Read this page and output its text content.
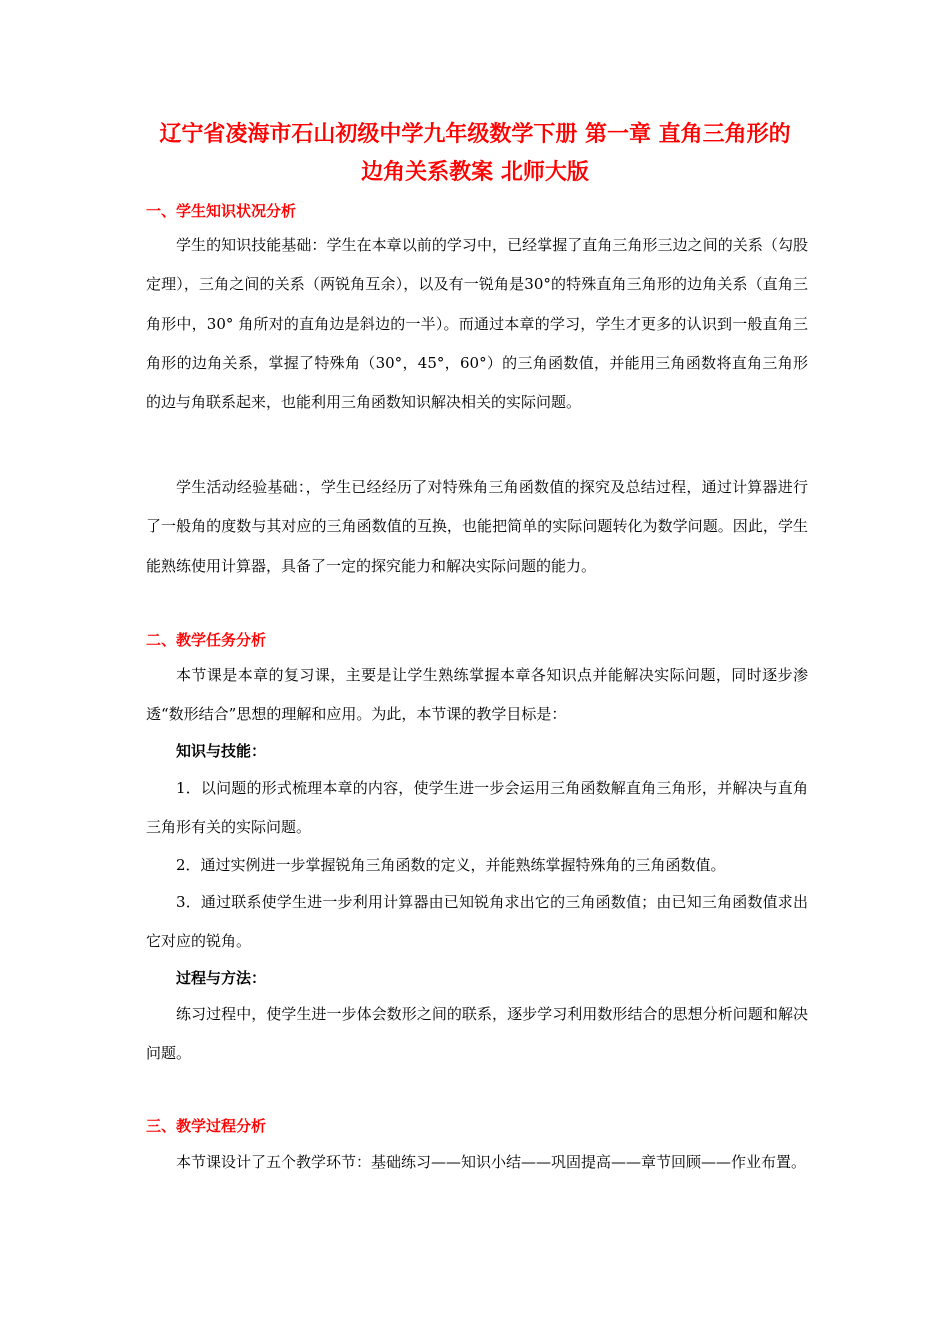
辽宁省凌海市石山初级中学九年级数学下册 第一章 直角三角形的
边角关系教案 北师大版
一、学生知识状况分析
学生的知识技能基础：学生在本章以前的学习中，已经掌握了直角三角形三边之间的关系（勾股定理），三角之间的关系（两锐角互余），以及有一锐角是30°的特殊直角三角形的边角关系（直角三角形中，30° 角所对的直角边是斜边的一半）。而通过本章的学习，学生才更多的认识到一般直角三角形的边角关系，掌握了特殊角（30°，45°，60°）的三角函数值，并能用三角函数将直角三角形的边与角联系起来，也能利用三角函数知识解决相关的实际问题。
学生活动经验基础：，学生已经经历了对特殊角三角函数值的探究及总结过程，通过计算器进行了一般角的度数与其对应的三角函数值的互换，也能把简单的实际问题转化为数学问题。因此，学生能熟练使用计算器，具备了一定的探究能力和解决实际问题的能力。
二、教学任务分析
本节课是本章的复习课，主要是让学生熟练掌握本章各知识点并能解决实际问题，同时逐步渗透“数形结合”思想的理解和应用。为此，本节课的教学目标是：
知识与技能：
1．以问题的形式梳理本章的内容，使学生进一步会运用三角函数解直角三角形，并解决与直角三角形有关的实际问题。
2．通过实例进一步掌握锐角三角函数的定义，并能熟练掌握特殊角的三角函数值。
3．通过联系使学生进一步利用计算器由已知锐角求出它的三角函数值；由已知三角函数值求出它对应的锐角。
过程与方法：
练习过程中，使学生进一步体会数形之间的联系，逐步学习利用数形结合的思想分析问题和解决问题。
三、教学过程分析
本节课设计了五个教学环节：基础练习——知识小结——巩固提高——章节回顾——作业布置。
